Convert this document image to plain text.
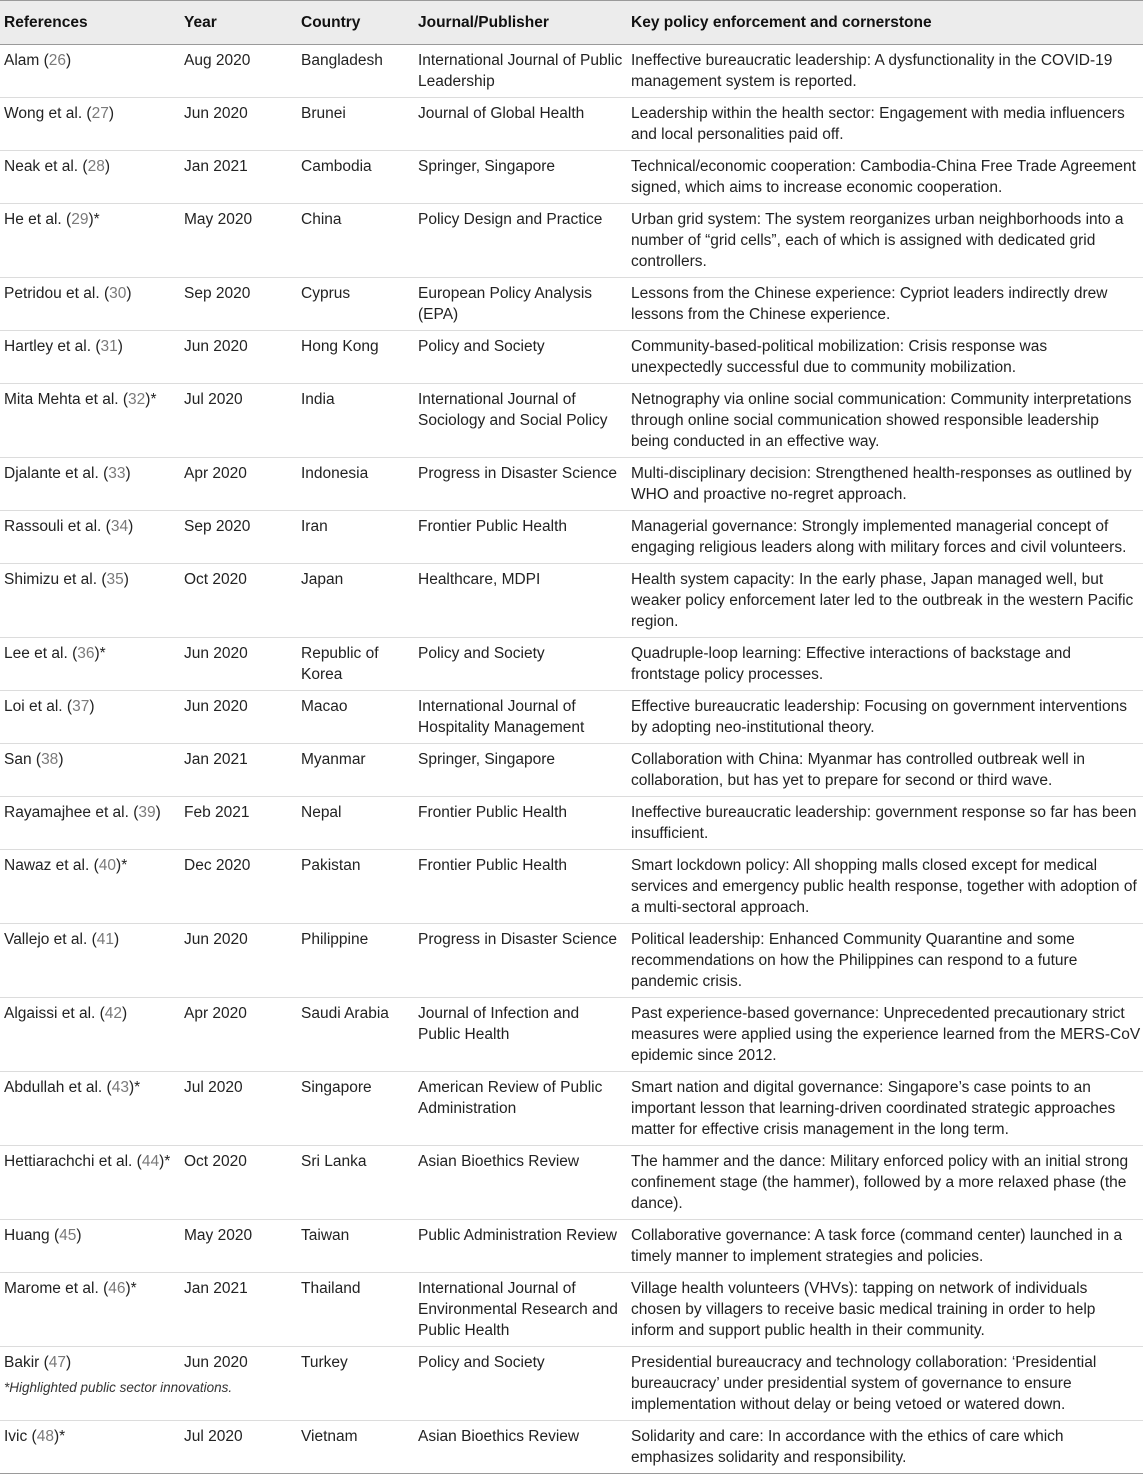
References	Year	Country	Journal/Publisher	Key policy enforcement and cornerstone
Alam (26)	Aug 2020	Bangladesh	International Journal of Public Leadership	Ineffective bureaucratic leadership: A dysfunctionality in the COVID-19 management system is reported.
Wong et al. (27)	Jun 2020	Brunei	Journal of Global Health	Leadership within the health sector: Engagement with media influencers and local personalities paid off.
Neak et al. (28)	Jan 2021	Cambodia	Springer, Singapore	Technical/economic cooperation: Cambodia-China Free Trade Agreement signed, which aims to increase economic cooperation.
He et al. (29)*	May 2020	China	Policy Design and Practice	Urban grid system: The system reorganizes urban neighborhoods into a number of “grid cells”, each of which is assigned with dedicated grid controllers.
Petridou et al. (30)	Sep 2020	Cyprus	European Policy Analysis (EPA)	Lessons from the Chinese experience: Cypriot leaders indirectly drew lessons from the Chinese experience.
Hartley et al. (31)	Jun 2020	Hong Kong	Policy and Society	Community-based-political mobilization: Crisis response was unexpectedly successful due to community mobilization.
Mita Mehta et al. (32)*	Jul 2020	India	International Journal of Sociology and Social Policy	Netnography via online social communication: Community interpretations through online social communication showed responsible leadership being conducted in an effective way.
Djalante et al. (33)	Apr 2020	Indonesia	Progress in Disaster Science	Multi-disciplinary decision: Strengthened health-responses as outlined by WHO and proactive no-regret approach.
Rassouli et al. (34)	Sep 2020	Iran	Frontier Public Health	Managerial governance: Strongly implemented managerial concept of engaging religious leaders along with military forces and civil volunteers.
Shimizu et al. (35)	Oct 2020	Japan	Healthcare, MDPI	Health system capacity: In the early phase, Japan managed well, but weaker policy enforcement later led to the outbreak in the western Pacific region.
Lee et al. (36)*	Jun 2020	Republic of Korea	Policy and Society	Quadruple-loop learning: Effective interactions of backstage and frontstage policy processes.
Loi et al. (37)	Jun 2020	Macao	International Journal of Hospitality Management	Effective bureaucratic leadership: Focusing on government interventions by adopting neo-institutional theory.
San (38)	Jan 2021	Myanmar	Springer, Singapore	Collaboration with China: Myanmar has controlled outbreak well in collaboration, but has yet to prepare for second or third wave.
Rayamajhee et al. (39)	Feb 2021	Nepal	Frontier Public Health	Ineffective bureaucratic leadership: government response so far has been insufficient.
Nawaz et al. (40)*	Dec 2020	Pakistan	Frontier Public Health	Smart lockdown policy: All shopping malls closed except for medical services and emergency public health response, together with adoption of a multi-sectoral approach.
Vallejo et al. (41)	Jun 2020	Philippine	Progress in Disaster Science	Political leadership: Enhanced Community Quarantine and some recommendations on how the Philippines can respond to a future pandemic crisis.
Algaissi et al. (42)	Apr 2020	Saudi Arabia	Journal of Infection and Public Health	Past experience-based governance: Unprecedented precautionary strict measures were applied using the experience learned from the MERS-CoV epidemic since 2012.
Abdullah et al. (43)*	Jul 2020	Singapore	American Review of Public Administration	Smart nation and digital governance: Singapore’s case points to an important lesson that learning-driven coordinated strategic approaches matter for effective crisis management in the long term.
Hettiarachchi et al. (44)*	Oct 2020	Sri Lanka	Asian Bioethics Review	The hammer and the dance: Military enforced policy with an initial strong confinement stage (the hammer), followed by a more relaxed phase (the dance).
Huang (45)	May 2020	Taiwan	Public Administration Review	Collaborative governance: A task force (command center) launched in a timely manner to implement strategies and policies.
Marome et al. (46)*	Jan 2021	Thailand	International Journal of Environmental Research and Public Health	Village health volunteers (VHVs): tapping on network of individuals chosen by villagers to receive basic medical training in order to help inform and support public health in their community.
Bakir (47)	Jun 2020	Turkey	Policy and Society	Presidential bureaucracy and technology collaboration: ‘Presidential bureaucracy’ under presidential system of governance to ensure implementation without delay or being vetoed or watered down.
Ivic (48)*	Jul 2020	Vietnam	Asian Bioethics Review	Solidarity and care: In accordance with the ethics of care which emphasizes solidarity and responsibility.
*Highlighted public sector innovations.
